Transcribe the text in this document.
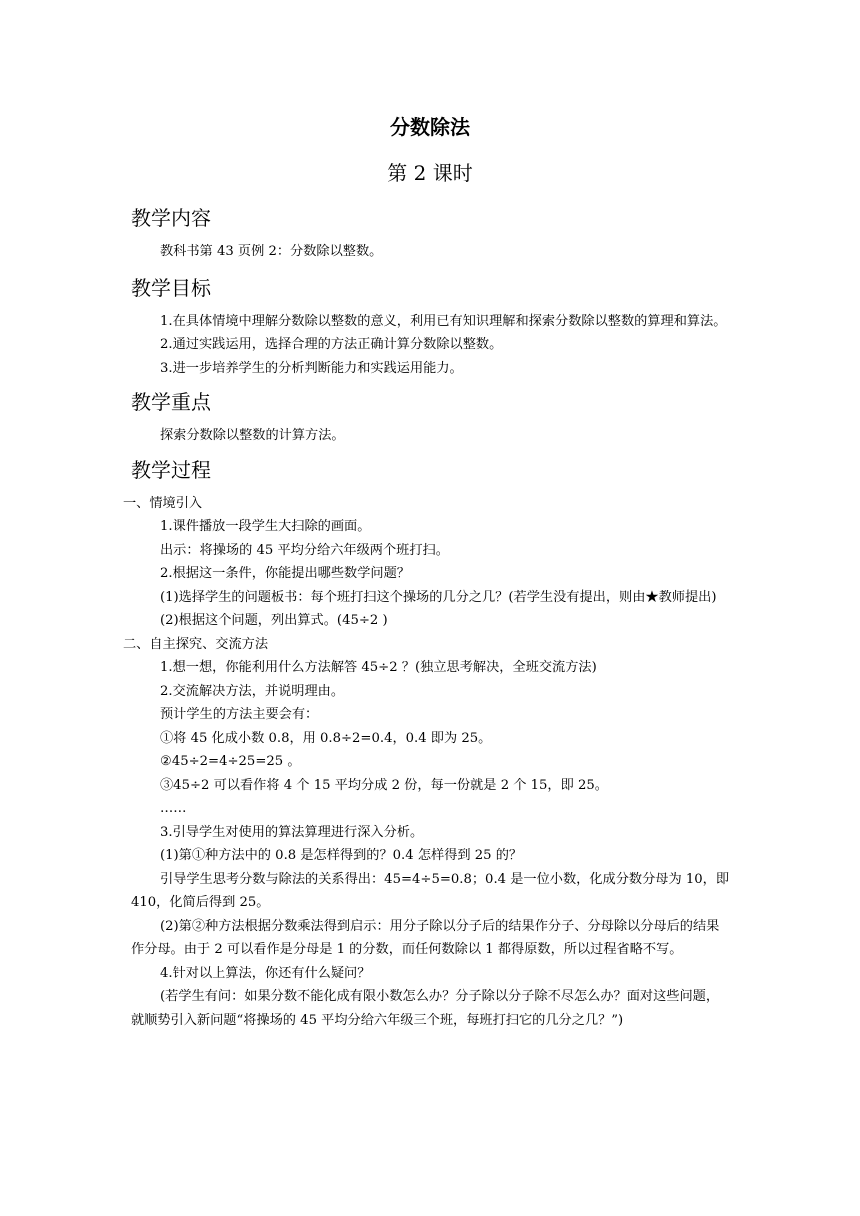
分数除法
第 2 课时
教学内容

教科书第 43 页例 2：分数除以整数。

教学目标

1.在具体情境中理解分数除以整数的意义，利用已有知识理解和探索分数除以整数的算理和算法。

2.通过实践运用，选择合理的方法正确计算分数除以整数。

3.进一步培养学生的分析判断能力和实践运用能力。

教学重点

探索分数除以整数的计算方法。

教学过程

一、情境引入

1.课件播放一段学生大扫除的画面。

出示：将操场的 45 平均分给六年级两个班打扫。

2.根据这一条件，你能提出哪些数学问题？

(1)选择学生的问题板书：每个班打扫这个操场的几分之几？(若学生没有提出，则由★教师提出)

(2)根据这个问题，列出算式。(45÷2 )

二、自主探究、交流方法

1.想一想，你能利用什么方法解答 45÷2 ？(独立思考解决，全班交流方法)

2.交流解决方法，并说明理由。

预计学生的方法主要会有：

①将 45 化成小数 0.8，用 0.8÷2=0.4，0.4 即为 25。

②45÷2=4÷25=25 。

③45÷2 可以看作将 4 个 15 平均分成 2 份，每一份就是 2 个 15，即 25。

……

3.引导学生对使用的算法算理进行深入分析。

(1)第①种方法中的 0.8 是怎样得到的？0.4 怎样得到 25 的？

引导学生思考分数与除法的关系得出：45=4÷5=0.8；0.4 是一位小数，化成分数分母为 10，即 410，化简后得到 25。

(2)第②种方法根据分数乘法得到启示：用分子除以分子后的结果作分子、分母除以分母后的结果作分母。由于 2 可以看作是分母是 1 的分数，而任何数除以 1 都得原数，所以过程省略不写。

4.针对以上算法，你还有什么疑问？

(若学生有问：如果分数不能化成有限小数怎么办？分子除以分子除不尽怎么办？面对这些问题，就顺势引入新问题“将操场的 45 平均分给六年级三个班，每班打扫它的几分之几？”)
